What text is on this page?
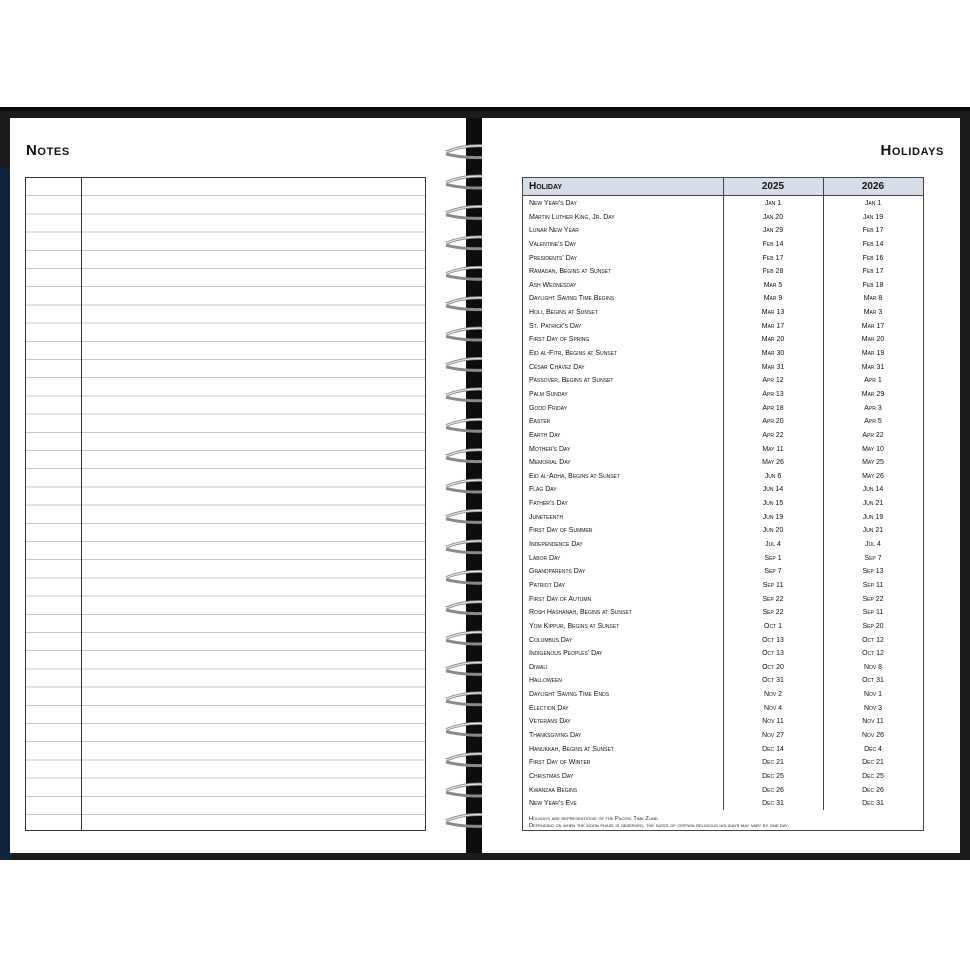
Notes	Holidays
Holiday	2025	2026
New Year's Day	Jan 1	Jan 1
Martin Luther King, Jr. Day	Jan 20	Jan 19
Lunar New Year	Jan 29	Feb 17
Valentine's Day	Feb 14	Feb 14
Presidents' Day	Feb 17	Feb 16
Ramadan, Begins at Sunset	Feb 28	Feb 17
Ash Wednesday	Mar 5	Feb 18
Daylight Saving Time Begins	Mar 9	Mar 8
Holi, Begins at Sunset	Mar 13	Mar 3
St. Patrick's Day	Mar 17	Mar 17
First Day of Spring	Mar 20	Mar 20
Eid al-Fitr, Begins at Sunset	Mar 30	Mar 19
César Chávez Day	Mar 31	Mar 31
Passover, Begins at Sunset	Apr 12	Apr 1
Palm Sunday	Apr 13	Mar 29
Good Friday	Apr 18	Apr 3
Easter	Apr 20	Apr 5
Earth Day	Apr 22	Apr 22
Mother's Day	May 11	May 10
Memorial Day	May 26	May 25
Eid al-Adha, Begins at Sunset	Jun 6	May 26
Flag Day	Jun 14	Jun 14
Father's Day	Jun 15	Jun 21
Juneteenth	Jun 19	Jun 19
First Day of Summer	Jun 20	Jun 21
Independence Day	Jul 4	Jul 4
Labor Day	Sep 1	Sep 7
Grandparents Day	Sep 7	Sep 13
Patriot Day	Sep 11	Sep 11
First Day of Autumn	Sep 22	Sep 22
Rosh Hashanah, Begins at Sunset	Sep 22	Sep 11
Yom Kippur, Begins at Sunset	Oct 1	Sep 20
Columbus Day	Oct 13	Oct 12
Indigenous Peoples' Day	Oct 13	Oct 12
Diwali	Oct 20	Nov 8
Halloween	Oct 31	Oct 31
Daylight Saving Time Ends	Nov 2	Nov 1
Election Day	Nov 4	Nov 3
Veterans Day	Nov 11	Nov 11
Thanksgiving Day	Nov 27	Nov 26
Hanukkah, Begins at Sunset	Dec 14	Dec 4
First Day of Winter	Dec 21	Dec 21
Christmas Day	Dec 25	Dec 25
Kwanzaa Begins	Dec 26	Dec 26
New Year's Eve	Dec 31	Dec 31
Holidays are representative of the Pacific Time Zone.
Depending on when the moon phase is observed, the dates of certain religious holidays may vary by one day.
